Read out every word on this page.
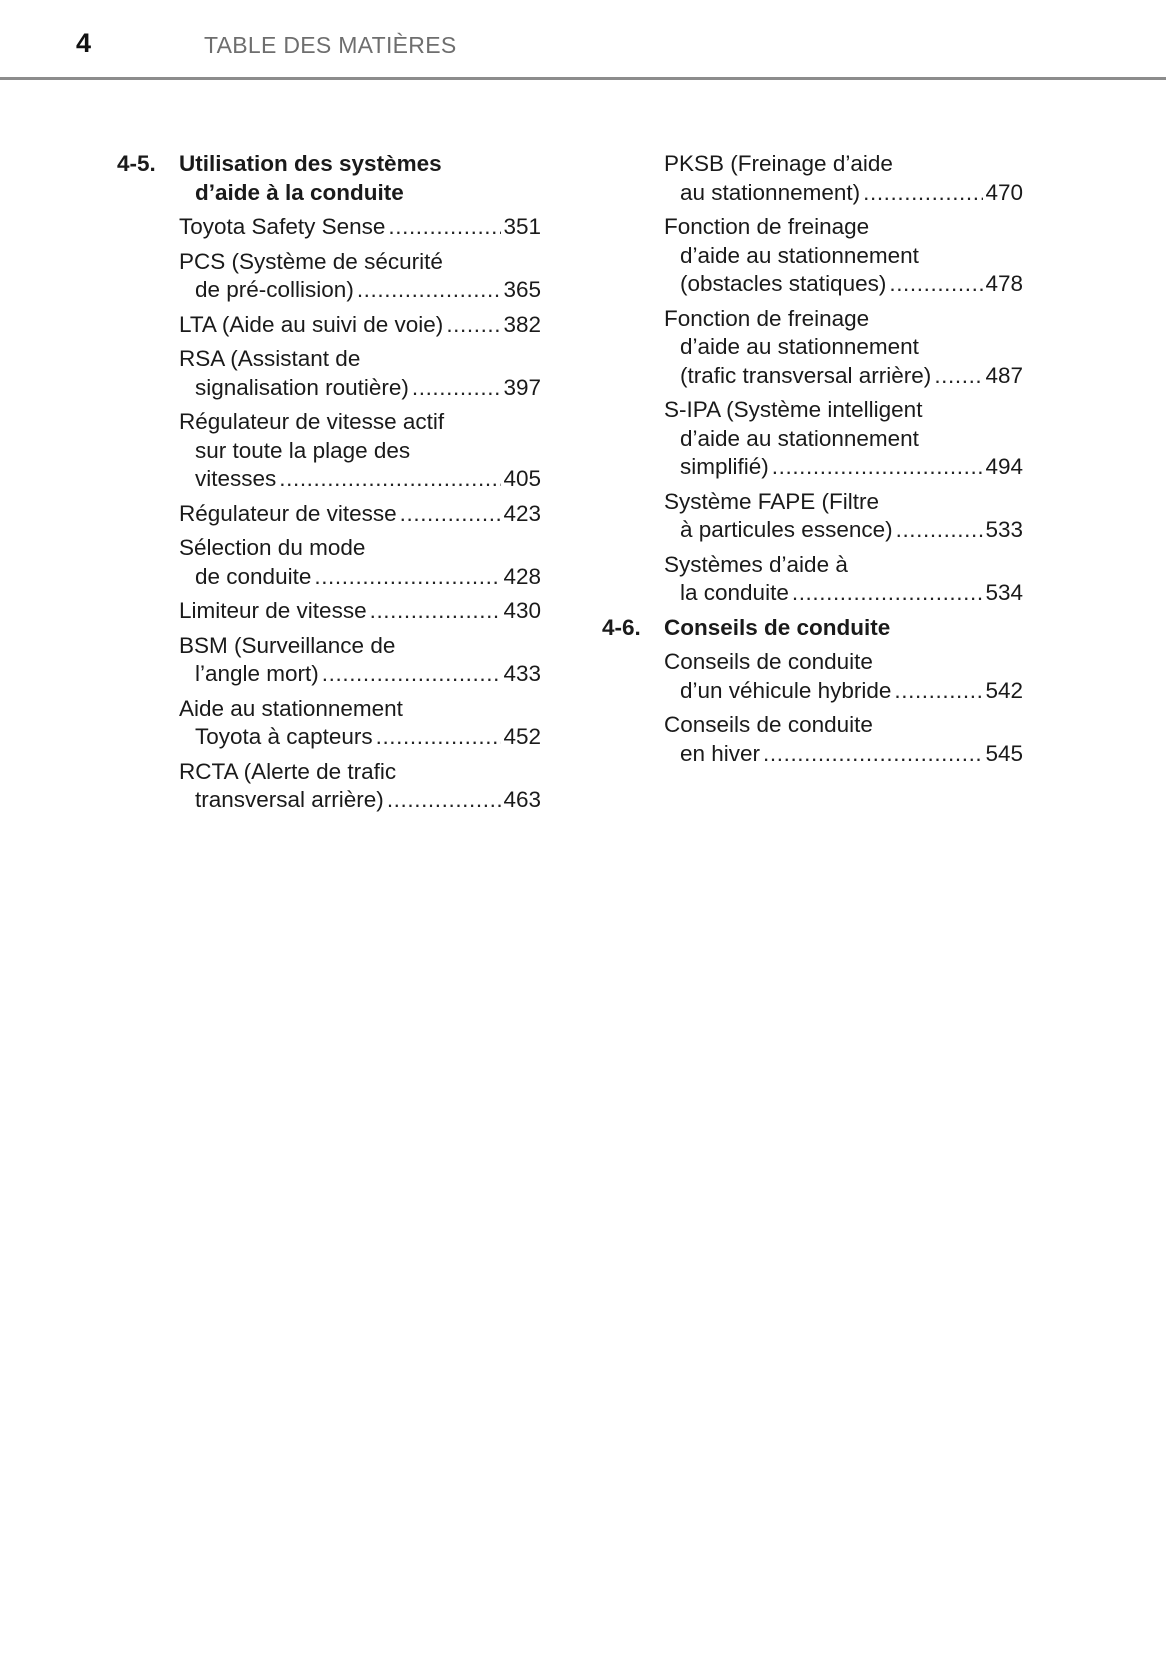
4	TABLE DES MATIÈRES
4-5. Utilisation des systèmes
d’aide à la conduite
Toyota Safety Sense .....	351
PCS (Système de sécurité
de pré-collision) .....	365
LTA (Aide au suivi de voie) .....	382
RSA (Assistant de
signalisation routière) .....	397
Régulateur de vitesse actif
sur toute la plage des
vitesses .....	405
Régulateur de vitesse .....	423
Sélection du mode
de conduite .....	428
Limiteur de vitesse .....	430
BSM (Surveillance de
l’angle mort) .....	433
Aide au stationnement
Toyota à capteurs .....	452
RCTA (Alerte de trafic
transversal arrière) .....	463
PKSB (Freinage d’aide
au stationnement) .....	470
Fonction de freinage
d’aide au stationnement
(obstacles statiques) .....	478
Fonction de freinage
d’aide au stationnement
(trafic transversal arrière) ..... 487
S-IPA (Système intelligent
d’aide au stationnement
simplifié) .....	494
Système FAPE (Filtre
à particules essence) .....	533
Systèmes d’aide à
la conduite .....	534
4-6. Conseils de conduite
Conseils de conduite
d’un véhicule hybride .....	542
Conseils de conduite
en hiver .....	545
